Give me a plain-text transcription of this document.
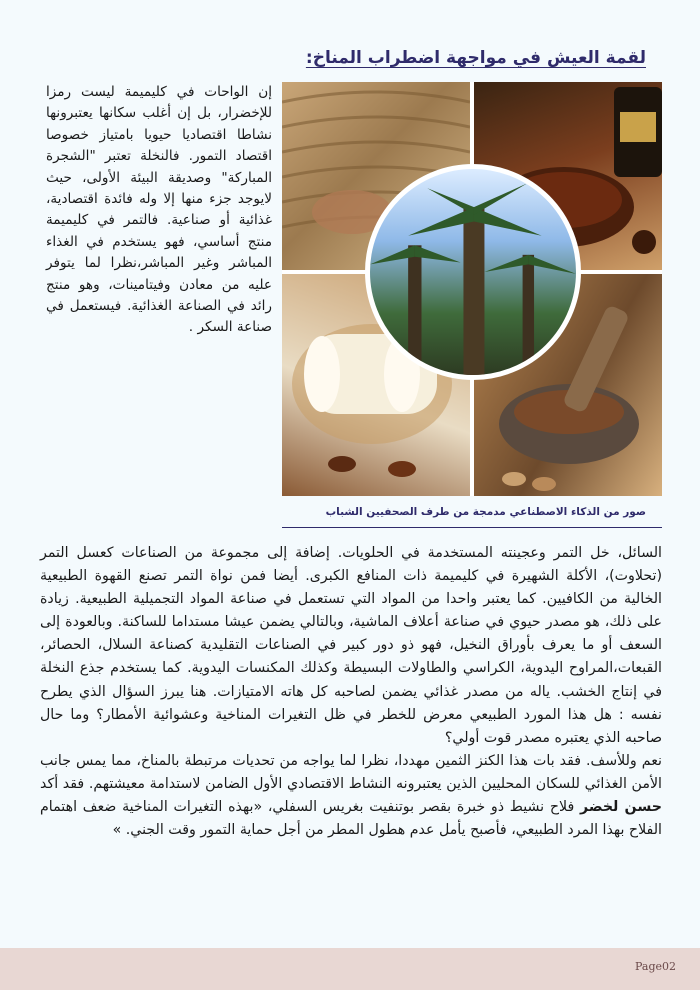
لقمة العيش في مواجهة اضطراب المناخ:
إن الواحات في كليميمة ليست رمزا للإخضرار، بل إن أغلب سكانها يعتبرونها نشاطا اقتصاديا حيويا بامتياز خصوصا اقتصاد التمور. فالنخلة تعتبر "الشجرة المباركة" وصديقة البيئة الأولى، حيث لايوجد جزء منها إلا وله فائدة اقتصادية، غذائية أو صناعية. فالتمر في كليميمة منتج أساسي، فهو يستخدم في الغذاء المباشر وغير المباشر،نظرا لما يتوفر عليه من معادن وفيتامينات، وهو منتج رائد في الصناعة الغذائية. فيستعمل في صناعة السكر .
صور من الذكاء الاصطناعي مدمجة من طرف الصحفيين الشباب

السائل، خل التمر وعجينته المستخدمة في الحلويات. إضافة إلى مجموعة من الصناعات كعسل التمر (تحلاوت)، الأكلة الشهيرة في كليميمة ذات المنافع الكبرى. أيضا فمن نواة التمر تصنع القهوة الطبيعية الخالية من الكافيين. كما يعتبر واحدا من المواد التي تستعمل في صناعة المواد التجميلية الطبيعية. زيادة على ذلك، هو مصدر حيوي في صناعة أعلاف الماشية، وبالتالي يضمن عيشا مستداما للساكنة. وبالعودة إلى السعف أو ما يعرف بأوراق النخيل، فهو ذو دور كبير في الصناعات التقليدية كصناعة السلال، الحصائر، القبعات،المراوح اليدوية، الكراسي والطاولات البسيطة وكذلك المكنسات اليدوية. كما يستخدم جذع النخلة في إنتاج الخشب. ياله من مصدر غذائي يضمن لصاحبه كل هاته الامتيازات. هنا يبرز السؤال الذي يطرح نفسه : هل هذا المورد الطبيعي معرض للخطر في ظل التغيرات المناخية وعشوائية الأمطار؟ وما حال صاحبه الذي يعتبره مصدر قوت أولي؟

نعم وللأسف. فقد بات هذا الكنز الثمين مهددا، نظرا لما يواجه من تحديات مرتبطة بالمناخ، مما يمس جانب الأمن الغذائي للسكان المحليين الذين يعتبرونه النشاط الاقتصادي الأول الضامن لاستدامة معيشتهم. فقد أكد حسن لخضر فلاح نشيط ذو خبرة بقصر بوتنفيت بغريس السفلي، «بهذه التغيرات المناخية ضعف اهتمام الفلاح بهذا المرد الطبيعي، فأصبح يأمل عدم هطول المطر من أجل حماية التمور وقت الجني. »

Page02
